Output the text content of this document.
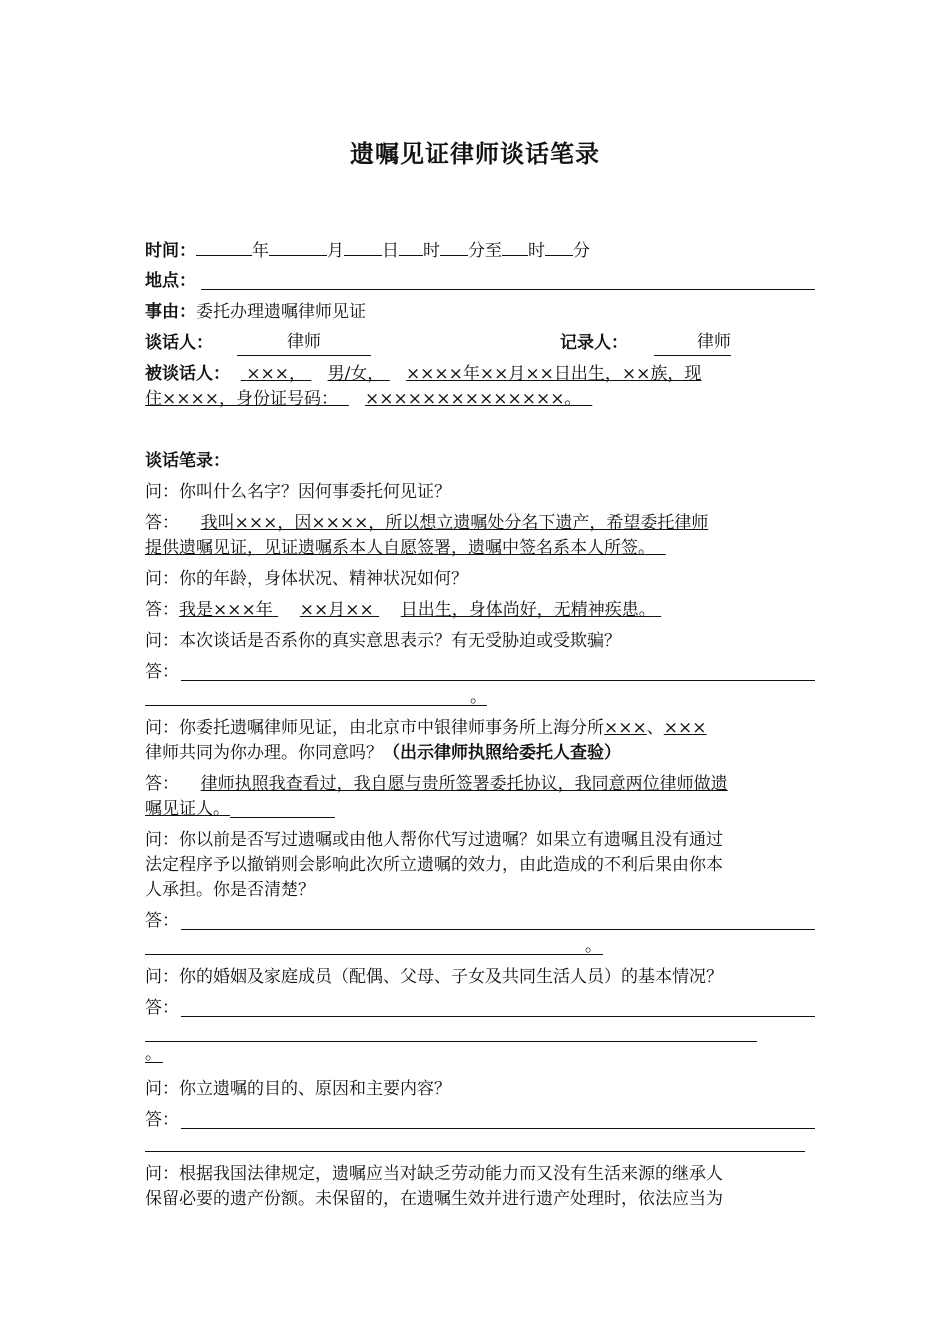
遗嘱见证律师谈话笔录
时间：	年	月 日 时 分至 时 分
地点：
事由：委托办理遗嘱律师见证
谈话人：	律师	记录人：	律师
被谈话人： ×××， 男/女， ××××年××月××日出生，××族，现
住××××，身份证号码： ××××××××××××××。
谈话笔录：
问：你叫什么名字？因何事委托何见证？
答： 我叫×××，因××××，所以想立遗嘱处分名下遗产，希望委托律师
提供遗嘱见证，见证遗嘱系本人自愿签署，遗嘱中签名系本人所签。
问：你的年龄，身体状况、精神状况如何？
答：我是×××年 ××月×× 日出生，身体尚好，无精神疾患。
问：本次谈话是否系你的真实意思表示？有无受胁迫或受欺骗？
答：
。
问：你委托遗嘱律师见证，由北京市中银律师事务所上海分所×××、×××
律师共同为你办理。你同意吗？（出示律师执照给委托人查验）
答： 律师执照我查看过，我自愿与贵所签署委托协议，我同意两位律师做遗
嘱见证人。
问：你以前是否写过遗嘱或由他人帮你代写过遗嘱？如果立有遗嘱且没有通过
法定程序予以撤销则会影响此次所立遗嘱的效力，由此造成的不利后果由你本
人承担。你是否清楚？
答：
。
问：你的婚姻及家庭成员（配偶、父母、子女及共同生活人员）的基本情况？
答：
。
问：你立遗嘱的目的、原因和主要内容？
答：
问：根据我国法律规定，遗嘱应当对缺乏劳动能力而又没有生活来源的继承人
保留必要的遗产份额。未保留的，在遗嘱生效并进行遗产处理时，依法应当为
